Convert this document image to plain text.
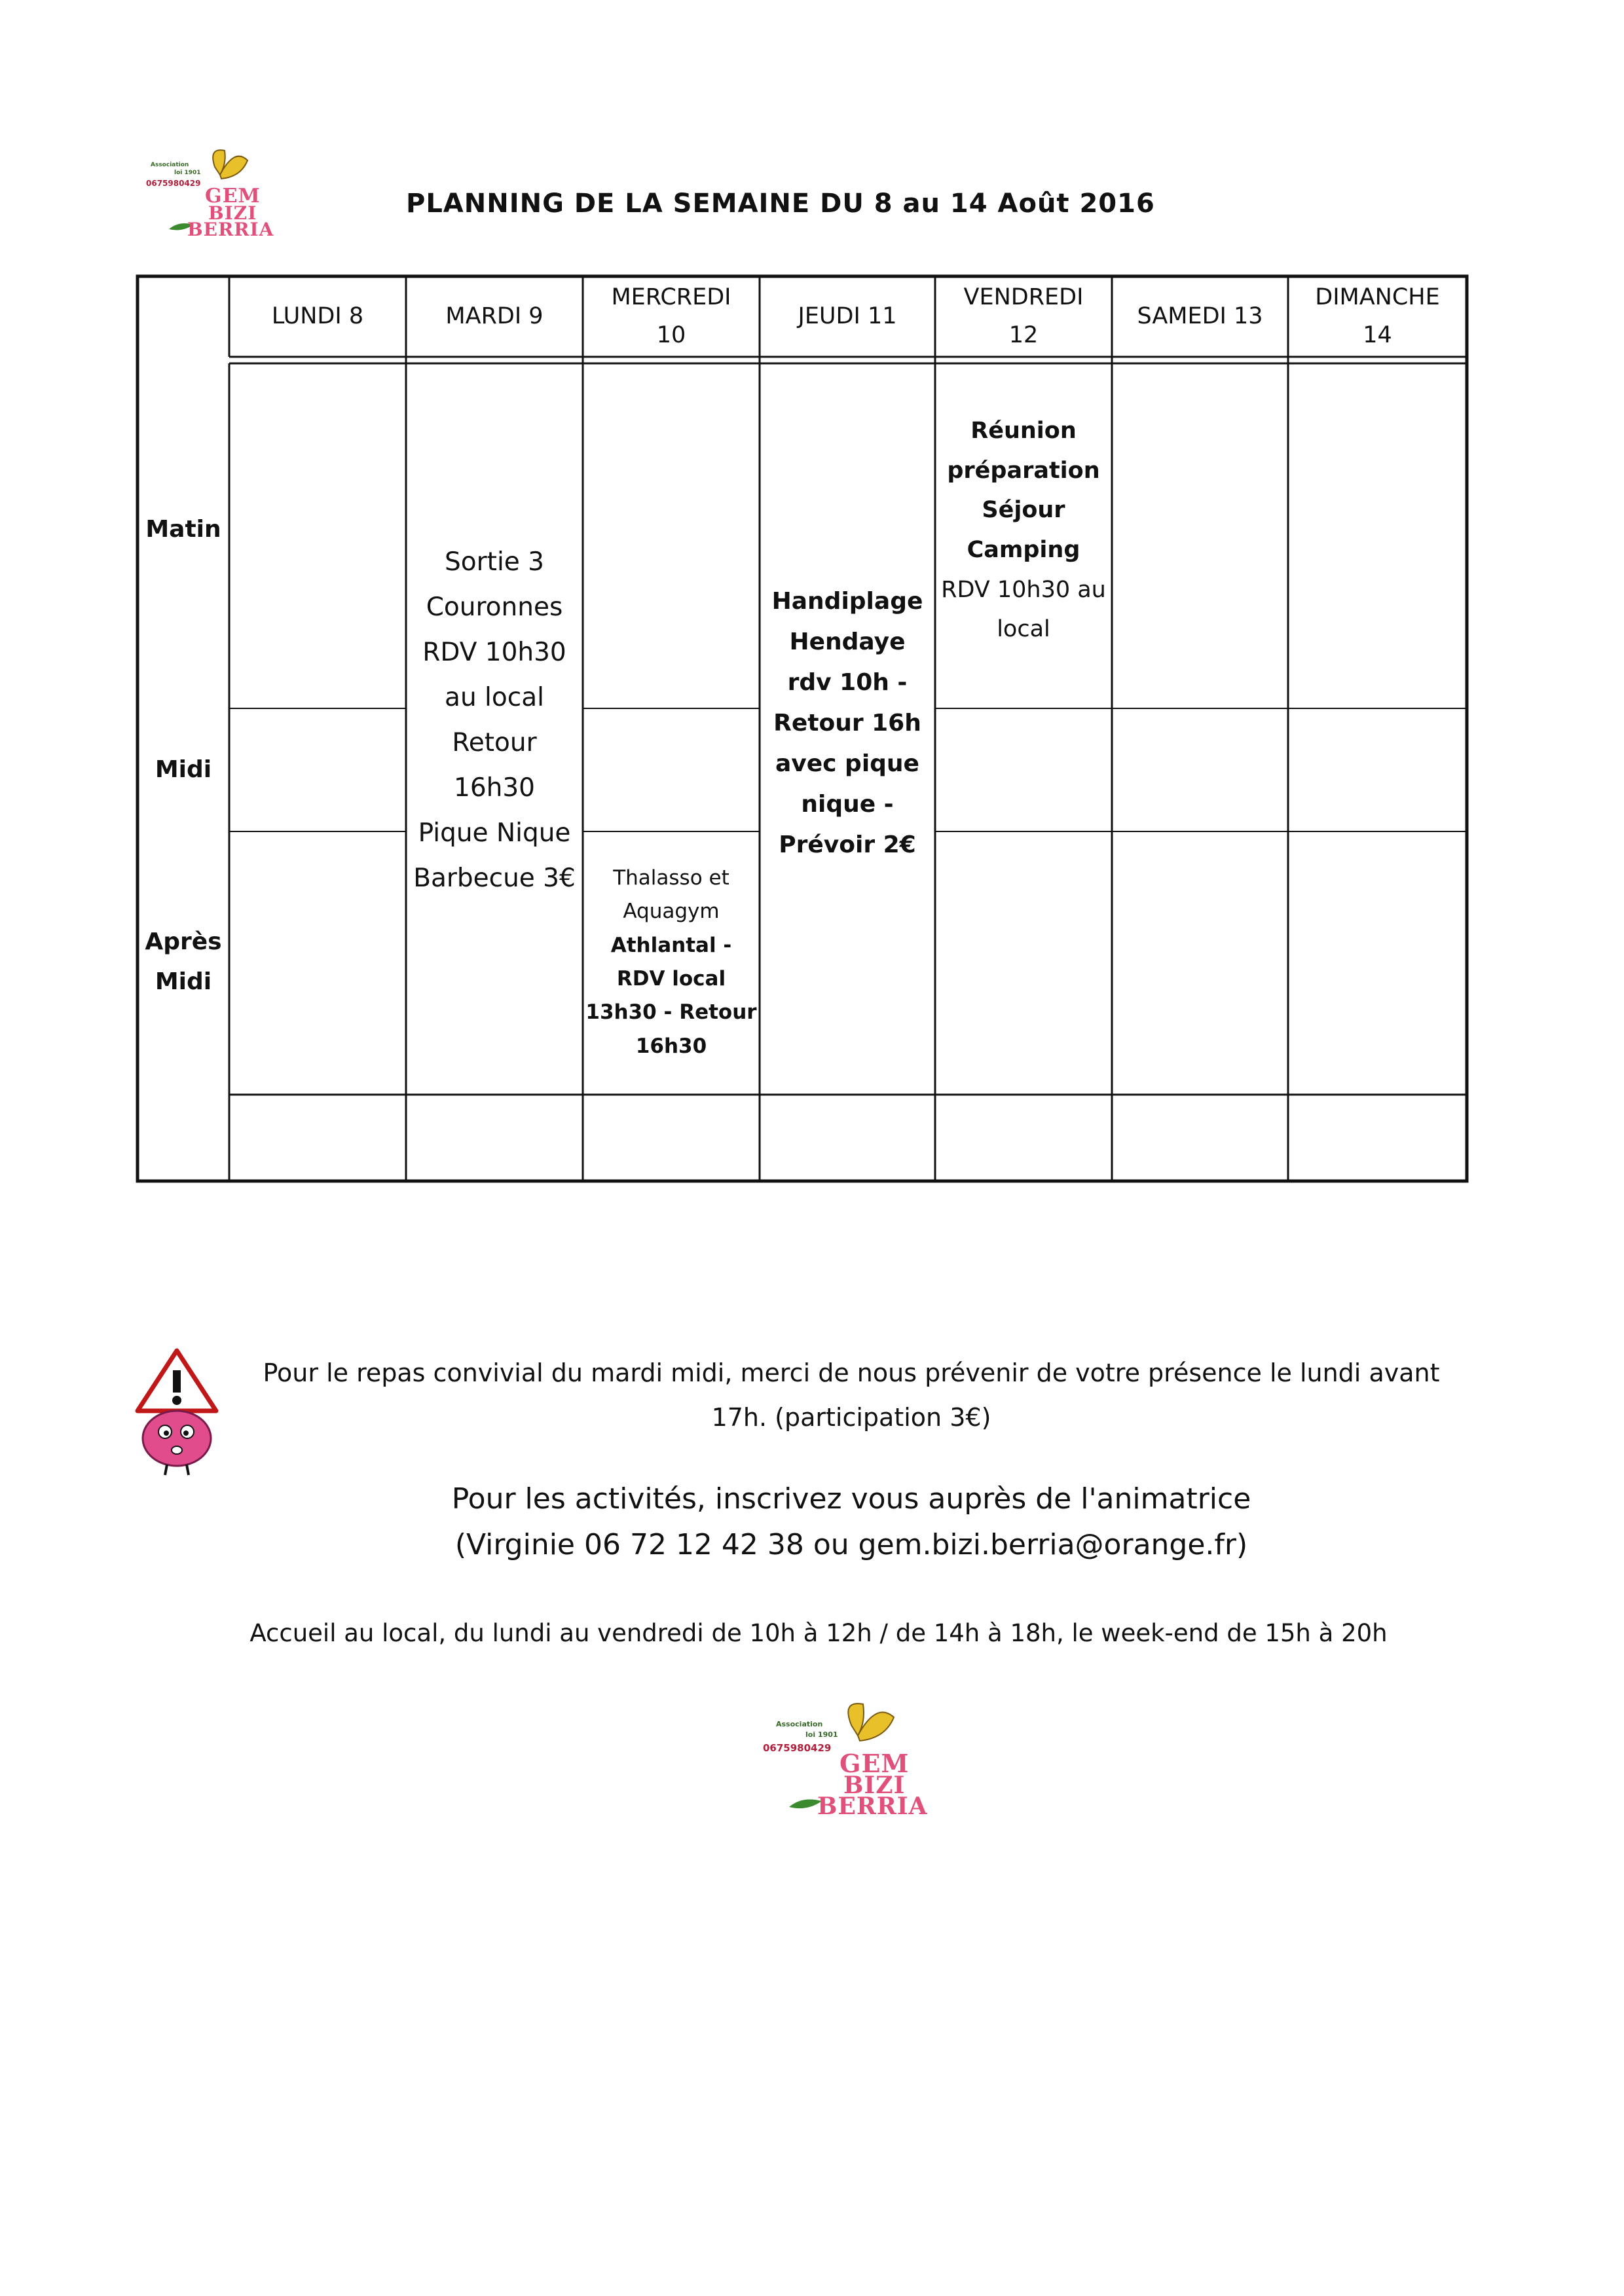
Association
loi 1901
0675980429
GEM
BIZI
BERRIA
PLANNING DE LA SEMAINE DU 8 au 14 Août 2016
LUNDI 8	MARDI 9
MERCREDI
10
JEUDI 11
VENDREDI
12
SAMEDI 13
DIMANCHE
14
Matin
Midi
Après
Midi
Sortie 3
Couronnes
RDV 10h30
au local
Retour
16h30
Pique Nique
Barbecue 3€	Thalasso et
Aquagym
Athlantal -
RDV local
13h30 - Retour
16h30
Handiplage
Hendaye
rdv 10h -
Retour 16h
avec pique
nique -
Prévoir 2€
Réunion
préparation
Séjour
Camping
RDV 10h30 au
local
Pour le repas convivial du mardi midi, merci de nous prévenir de votre présence le lundi avant
17h. (participation 3€)
Pour les activités, inscrivez vous auprès de l'animatrice
(Virginie 06 72 12 42 38 ou gem.bizi.berria@orange.fr)
Accueil au local, du lundi au vendredi de 10h à 12h / de 14h à 18h, le week-end de 15h à 20h
Association
loi 1901
0675980429
GEM
BIZI
BERRIA
